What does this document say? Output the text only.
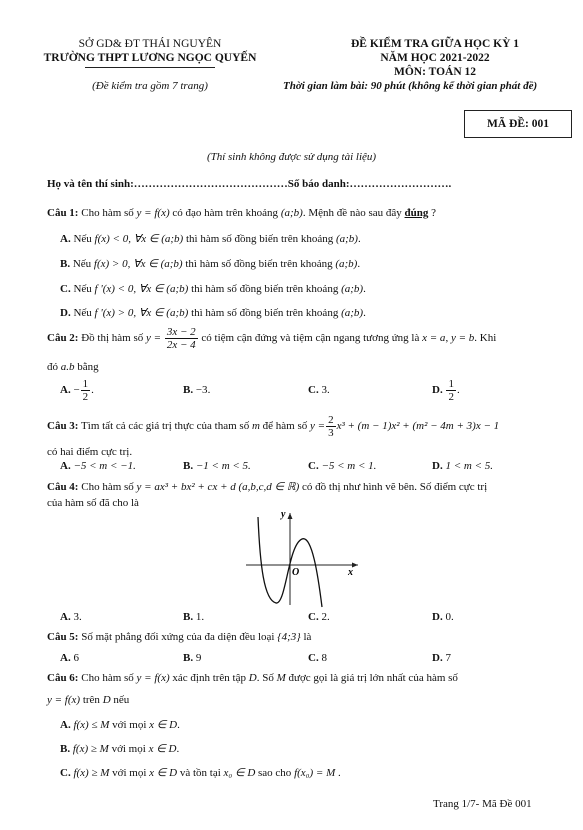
SỞ GD& ĐT THÁI NGUYÊN
TRƯỜNG THPT LƯƠNG NGỌC QUYẾN
(Đề kiểm tra gồm 7 trang)
ĐỀ KIỂM TRA GIỮA HỌC KỲ 1
NĂM HỌC 2021-2022
MÔN: TOÁN 12
Thời gian làm bài: 90 phút (không kể thời gian phát đề)
MÃ ĐỀ: 001
(Thí sinh không được sử dụng tài liệu)
Họ và tên thí sinh:……………………………………Số báo danh:……………………….
Câu 1: Cho hàm số y = f(x) có đạo hàm trên khoảng (a;b). Mệnh đề nào sau đây đúng ?
A. Nếu f(x) < 0, ∀x ∈ (a;b) thì hàm số đồng biến trên khoảng (a;b).
B. Nếu f(x) > 0, ∀x ∈ (a;b) thì hàm số đồng biến trên khoảng (a;b).
C. Nếu f '(x) < 0, ∀x ∈ (a;b) thì hàm số đồng biến trên khoảng (a;b).
D. Nếu f '(x) > 0, ∀x ∈ (a;b) thì hàm số đồng biến trên khoảng (a;b).
Câu 2: Đồ thị hàm số $y = \frac{3x - 2}{2x - 4}$ có tiệm cận đứng và tiệm cận ngang tương ứng là x = a, y = b. Khi
đó a.b bằng
A. − $\frac{1}{2}$ .	B. −3.	C. 3.	D. $\frac{1}{2}$ .
Câu 3: Tìm tất cả các giá trị thực của tham số m để hàm số $y = \frac{2}{3} x^3 + (m - 1)x^2 + (m^2 - 4m + 3)x - 1$
có hai điểm cực trị.
A. −5 < m < −1.	B. −1 < m < 5.	C. −5 < m < 1.	D. 1 < m < 5.
Câu 4: Cho hàm số y = ax³ + bx² + cx + d (a,b,c,d ∈ ℝ) có đồ thị như hình vẽ bên. Số điểm cực trị
của hàm số đã cho là
y
x
O
A. 3.	B. 1.	C. 2.	D. 0.
Câu 5: Số mặt phẳng đối xứng của đa diện đều loại {4;3} là
A. 6	B. 9	C. 8	D. 7
Câu 6: Cho hàm số y = f(x) xác định trên tập D. Số M được gọi là giá trị lớn nhất của hàm số
y = f(x) trên D nếu
A. f(x) ≤ M với mọi x ∈ D.
B. f(x) ≥ M với mọi x ∈ D.
C. f(x) ≥ M với mọi x ∈ D và tồn tại x₀ ∈ D sao cho f(x₀) = M .
Trang 1/7- Mã Đề 001
